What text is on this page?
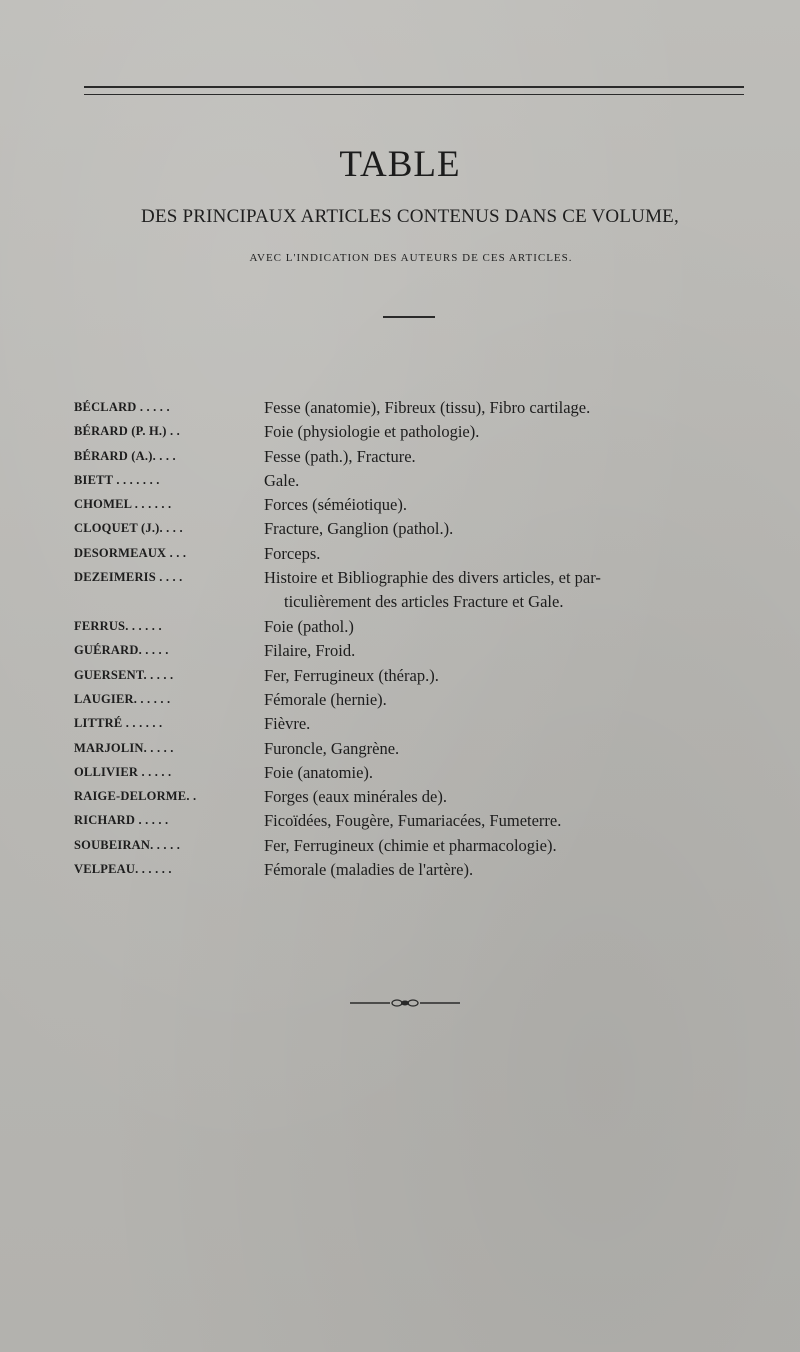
TABLE
DES PRINCIPAUX ARTICLES CONTENUS DANS CE VOLUME,
AVEC L'INDICATION DES AUTEURS DE CES ARTICLES.
BÉCLARD . . . . .	Fesse (anatomie), Fibreux (tissu), Fibro cartilage.
BÉRARD (P. H.) . .	Foie (physiologie et pathologie).
BÉRARD (A.). . . .	Fesse (path.), Fracture.
BIETT . . . . . . .	Gale.
CHOMEL . . . . . .	Forces (séméiotique).
CLOQUET (J.). . . .	Fracture, Ganglion (pathol.).
DESORMEAUX . . .	Forceps.
DEZEIMERIS . . . .	Histoire et Bibliographie des divers articles, et par-
ticulièrement des articles Fracture et Gale.
FERRUS. . . . . .	Foie (pathol.)
GUÉRARD. . . . .	Filaire, Froid.
GUERSENT. . . . .	Fer, Ferrugineux (thérap.).
LAUGIER. . . . . .	Fémorale (hernie).
LITTRÉ . . . . . .	Fièvre.
MARJOLIN. . . . .	Furoncle, Gangrène.
OLLIVIER . . . . .	Foie (anatomie).
RAIGE-DELORME. .	Forges (eaux minérales de).
RICHARD . . . . .	Ficoïdées, Fougère, Fumariacées, Fumeterre.
SOUBEIRAN. . . . .	Fer, Ferrugineux (chimie et pharmacologie).
VELPEAU. . . . . .	Fémorale (maladies de l'artère).
